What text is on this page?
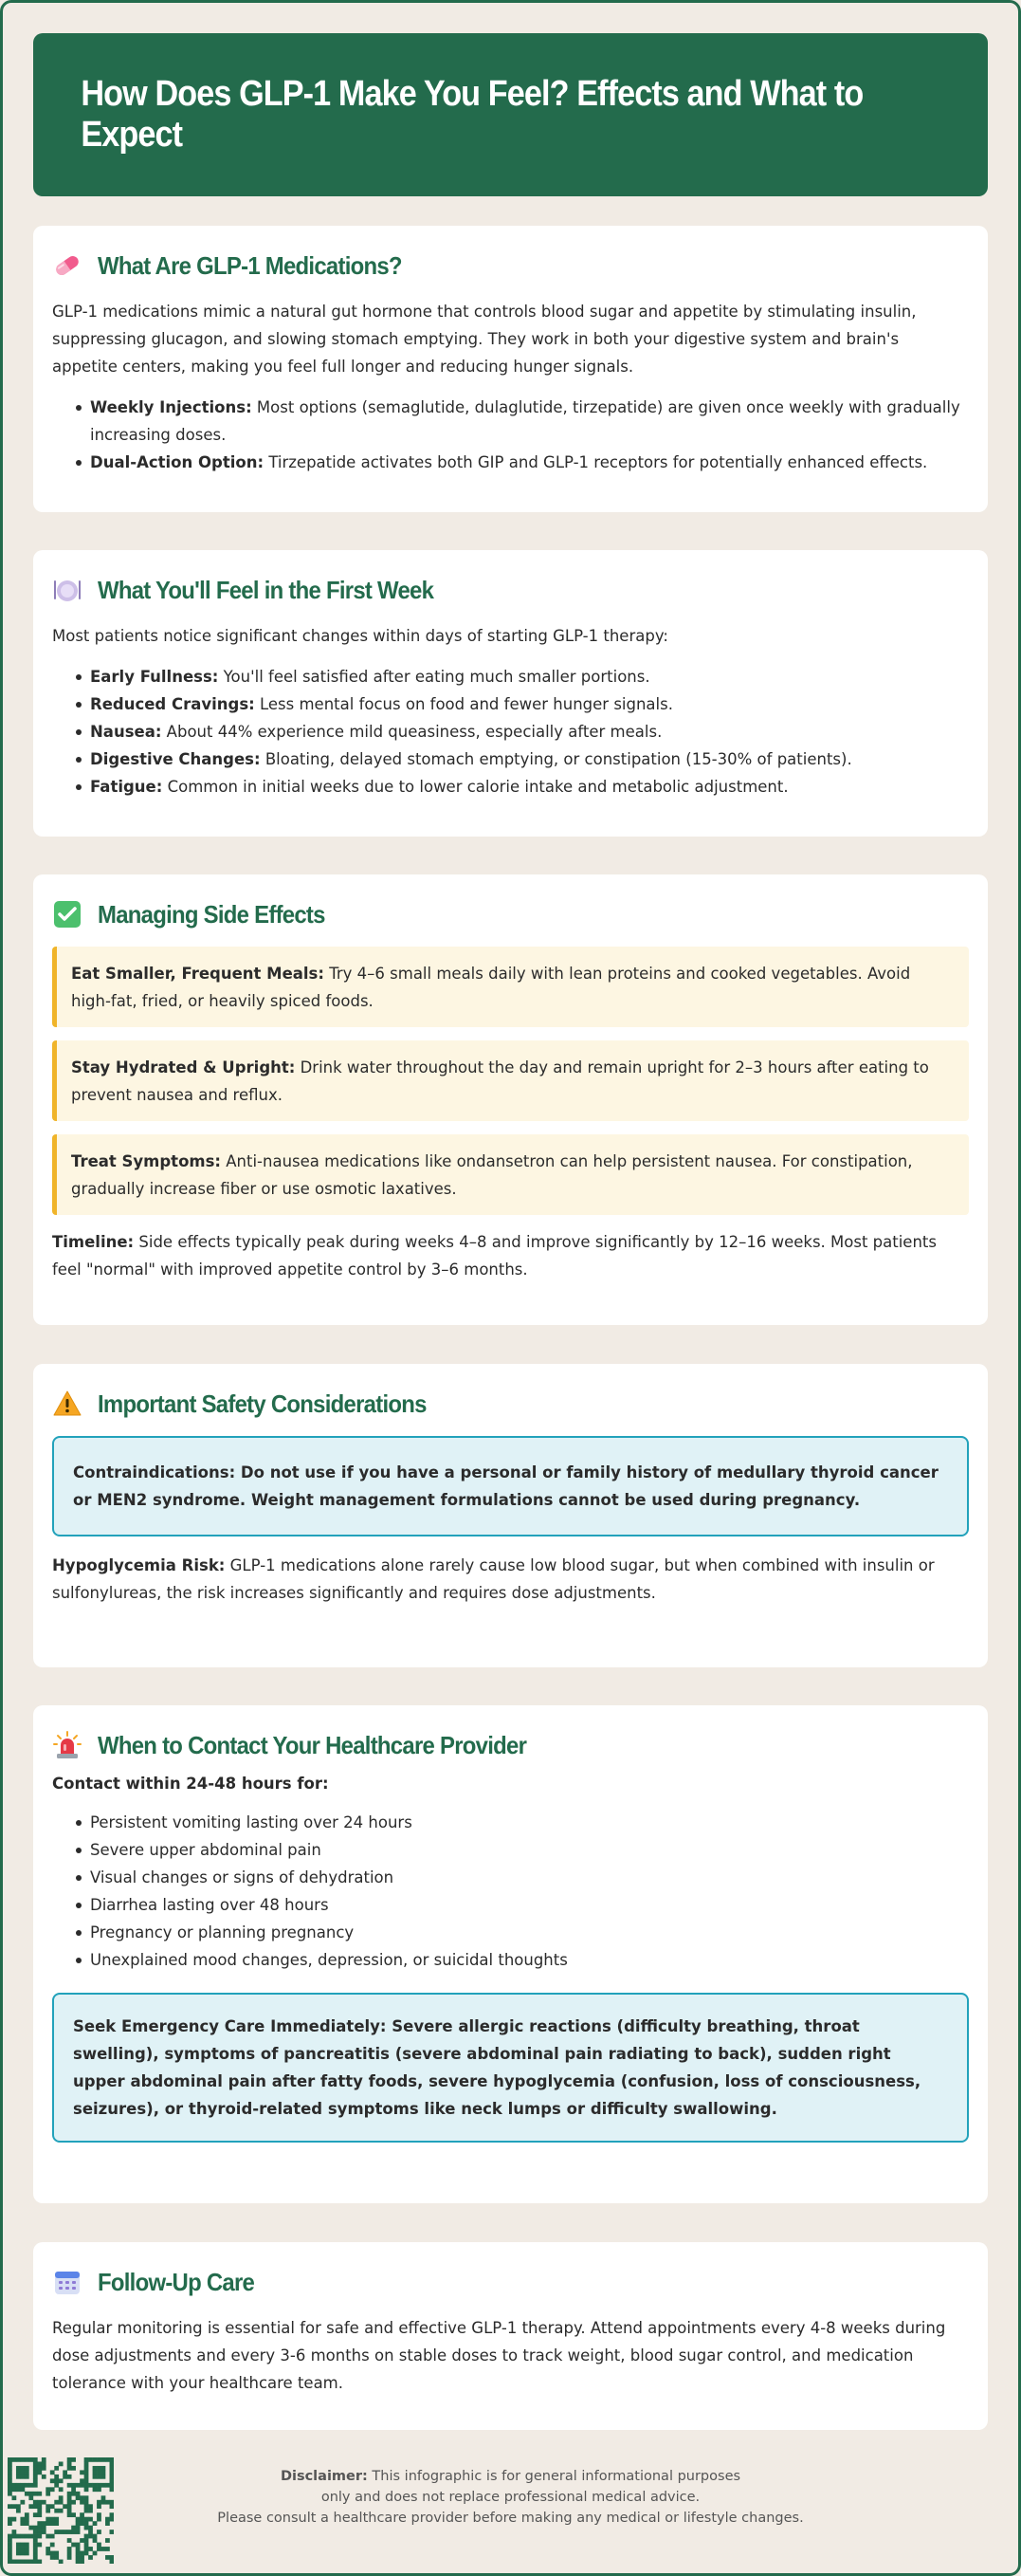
How Does GLP-1 Make You Feel? Effects and What to Expect
What Are GLP-1 Medications?

GLP-1 medications mimic a natural gut hormone that controls blood sugar and appetite by stimulating insulin, suppressing glucagon, and slowing stomach emptying. They work in both your digestive system and brain's appetite centers, making you feel full longer and reducing hunger signals.

Weekly Injections: Most options (semaglutide, dulaglutide, tirzepatide) are given once weekly with gradually increasing doses.
Dual-Action Option: Tirzepatide activates both GIP and GLP-1 receptors for potentially enhanced effects.
What You'll Feel in the First Week

Most patients notice significant changes within days of starting GLP-1 therapy:

Early Fullness: You'll feel satisfied after eating much smaller portions.
Reduced Cravings: Less mental focus on food and fewer hunger signals.
Nausea: About 44% experience mild queasiness, especially after meals.
Digestive Changes: Bloating, delayed stomach emptying, or constipation (15-30% of patients).
Fatigue: Common in initial weeks due to lower calorie intake and metabolic adjustment.
Managing Side Effects
Eat Smaller, Frequent Meals: Try 4–6 small meals daily with lean proteins and cooked vegetables. Avoid high-fat, fried, or heavily spiced foods.
Stay Hydrated & Upright: Drink water throughout the day and remain upright for 2–3 hours after eating to prevent nausea and reflux.
Treat Symptoms: Anti-nausea medications like ondansetron can help persistent nausea. For constipation, gradually increase fiber or use osmotic laxatives.

Timeline: Side effects typically peak during weeks 4–8 and improve significantly by 12–16 weeks. Most patients feel "normal" with improved appetite control by 3–6 months.

Important Safety Considerations
Contraindications: Do not use if you have a personal or family history of medullary thyroid cancer or MEN2 syndrome. Weight management formulations cannot be used during pregnancy.

Hypoglycemia Risk: GLP-1 medications alone rarely cause low blood sugar, but when combined with insulin or sulfonylureas, the risk increases significantly and requires dose adjustments.

When to Contact Your Healthcare Provider

Contact within 24-48 hours for:

Persistent vomiting lasting over 24 hours
Severe upper abdominal pain
Visual changes or signs of dehydration
Diarrhea lasting over 48 hours
Pregnancy or planning pregnancy
Unexplained mood changes, depression, or suicidal thoughts
Seek Emergency Care Immediately: Severe allergic reactions (difficulty breathing, throat swelling), symptoms of pancreatitis (severe abdominal pain radiating to back), sudden right upper abdominal pain after fatty foods, severe hypoglycemia (confusion, loss of consciousness, seizures), or thyroid-related symptoms like neck lumps or difficulty swallowing.
Follow-Up Care

Regular monitoring is essential for safe and effective GLP-1 therapy. Attend appointments every 4-8 weeks during dose adjustments and every 3-6 months on stable doses to track weight, blood sugar control, and medication tolerance with your healthcare team.

Disclaimer: This infographic is for general informational purposes
only and does not replace professional medical advice.
Please consult a healthcare provider before making any medical or lifestyle changes.
